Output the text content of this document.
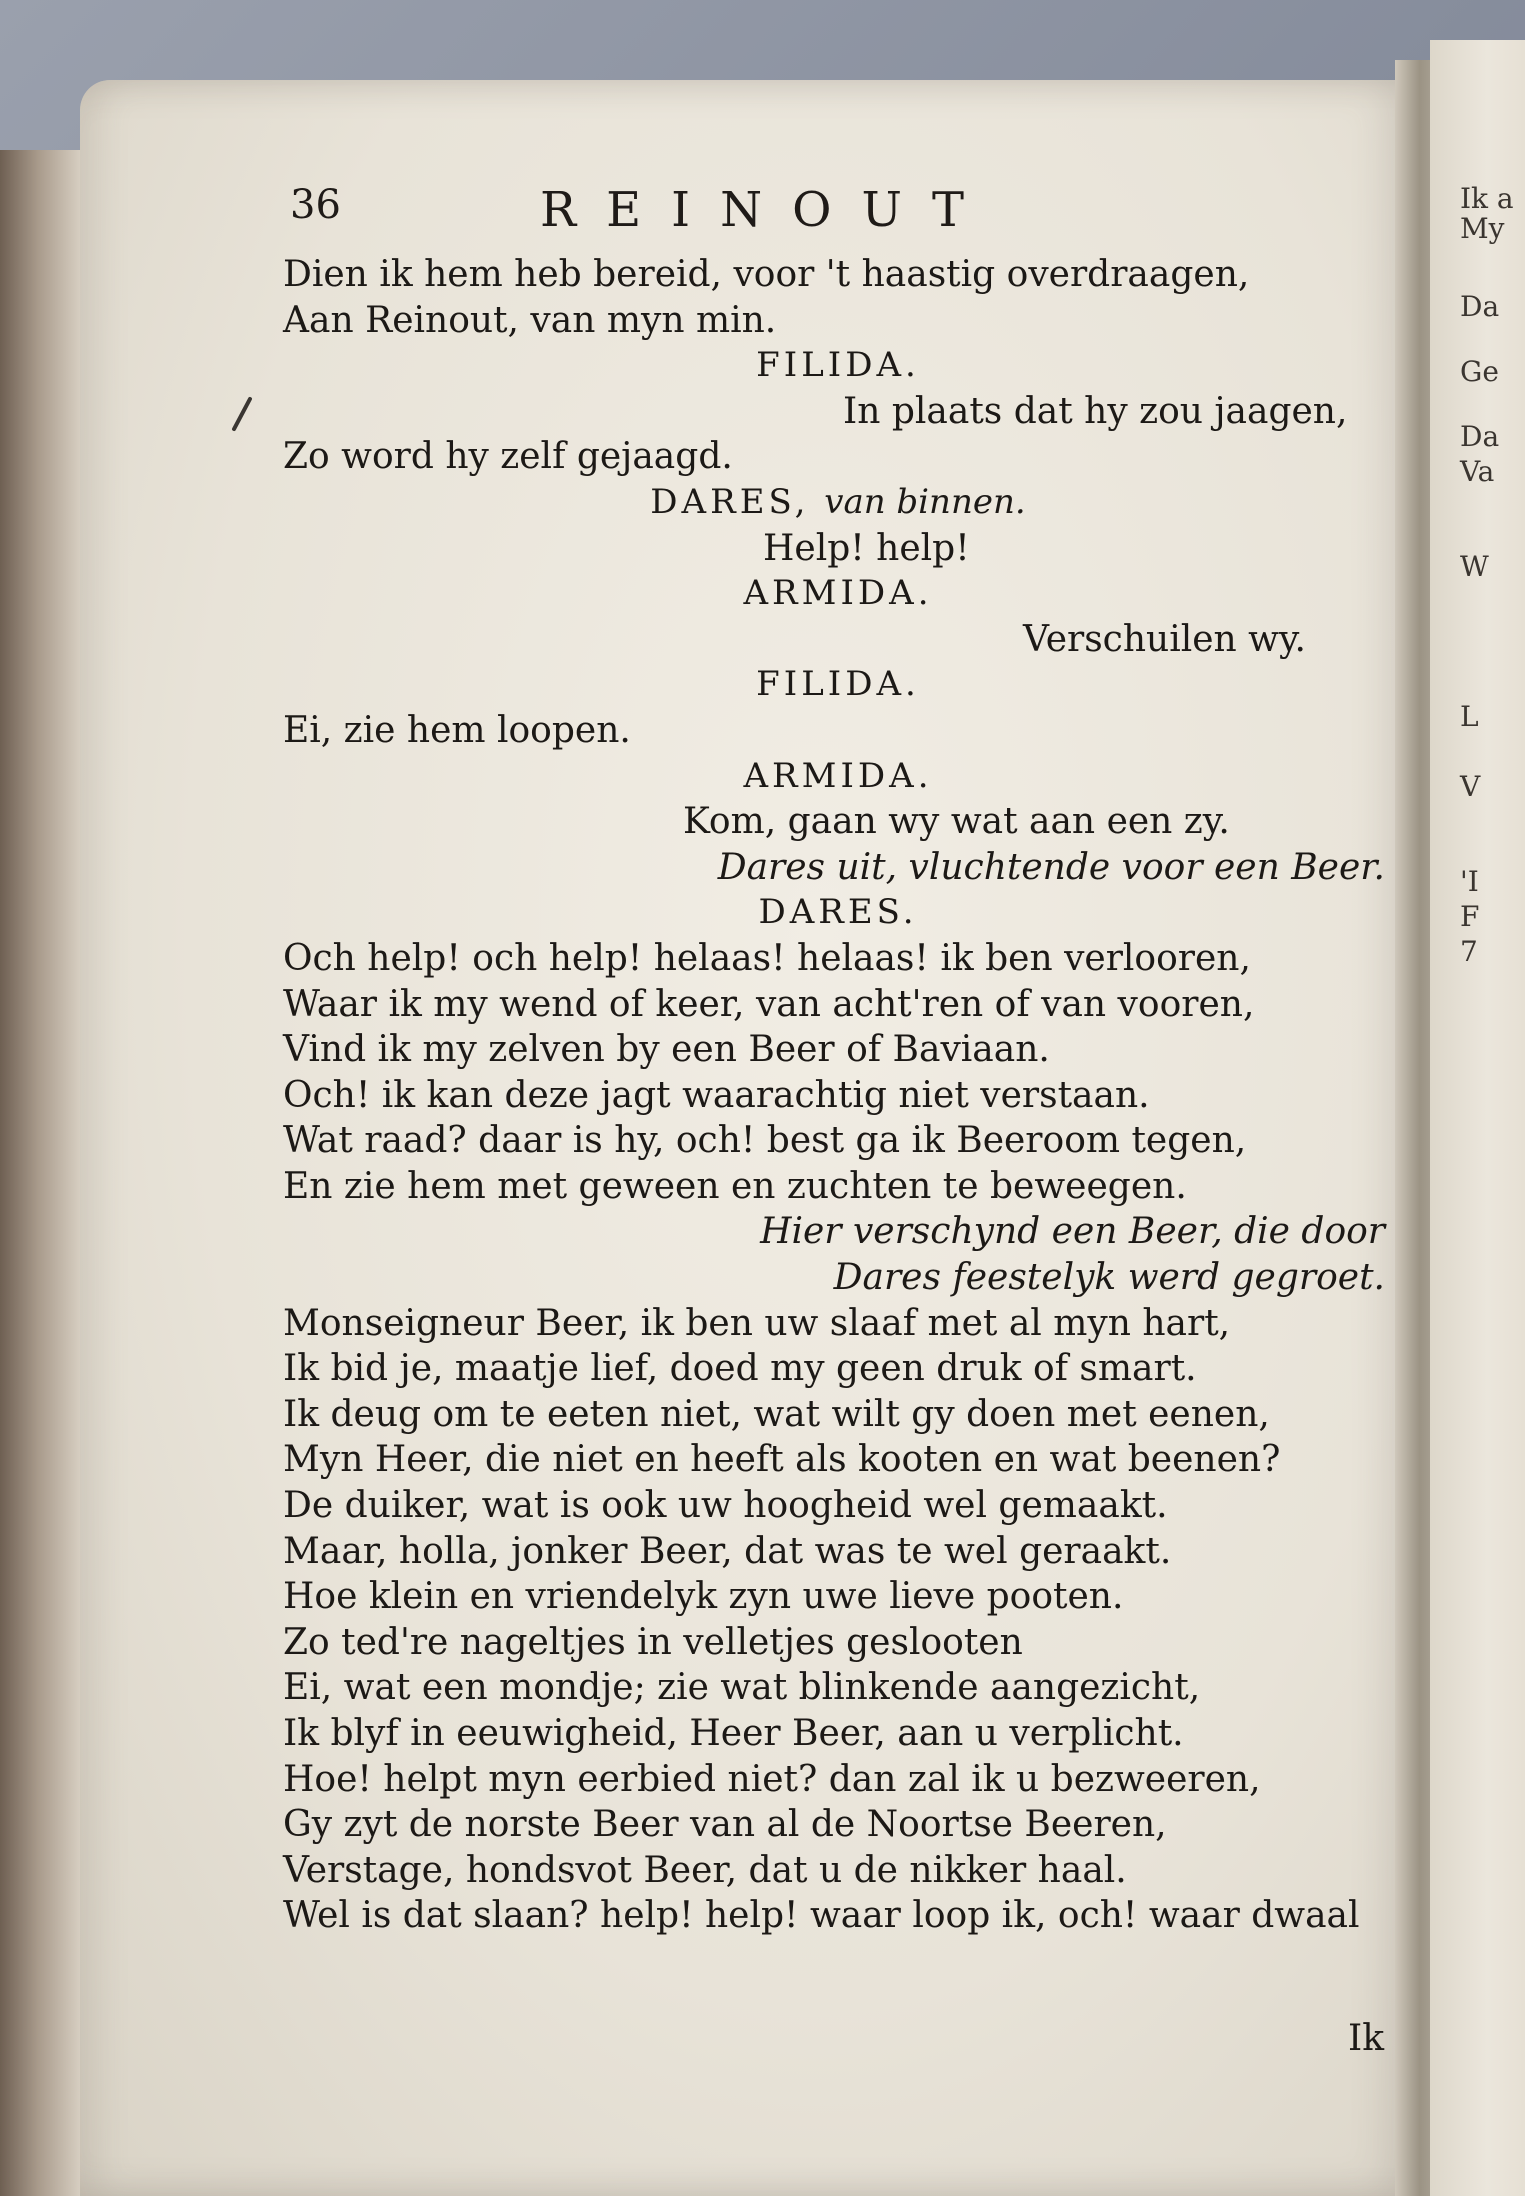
Ik a
My
Da
Ge
Da
Va
W
L
V
'I
F
7
36	REINOUT
Dien ik hem heb bereid, voor 't haastig overdraagen,
Aan Reinout, van myn min.
FILIDA.
In plaats dat hy zou jaagen,
Zo word hy zelf gejaagd.
DARES, van binnen.
Help! help!
ARMIDA.
Verschuilen wy.
FILIDA.
Ei, zie hem loopen.
ARMIDA.
Kom, gaan wy wat aan een zy.
Dares uit, vluchtende voor een Beer.
DARES.
Och help! och help! helaas! helaas! ik ben verlooren,
Waar ik my wend of keer, van acht'ren of van vooren,
Vind ik my zelven by een Beer of Baviaan.
Och! ik kan deze jagt waarachtig niet verstaan.
Wat raad? daar is hy, och! best ga ik Beeroom tegen,
En zie hem met geween en zuchten te beweegen.
Hier verschynd een Beer, die door
Dares feestelyk werd gegroet.
Monseigneur Beer, ik ben uw slaaf met al myn hart,
Ik bid je, maatje lief, doed my geen druk of smart.
Ik deug om te eeten niet, wat wilt gy doen met eenen,
Myn Heer, die niet en heeft als kooten en wat beenen?
De duiker, wat is ook uw hoogheid wel gemaakt.
Maar, holla, jonker Beer, dat was te wel geraakt.
Hoe klein en vriendelyk zyn uwe lieve pooten.
Zo ted're nageltjes in velletjes geslooten
Ei, wat een mondje; zie wat blinkende aangezicht,
Ik blyf in eeuwigheid, Heer Beer, aan u verplicht.
Hoe! helpt myn eerbied niet? dan zal ik u bezweeren,
Gy zyt de norste Beer van al de Noortse Beeren,
Verstage, hondsvot Beer, dat u de nikker haal.
Wel is dat slaan? help! help! waar loop ik, och! waar dwaal
Ik
